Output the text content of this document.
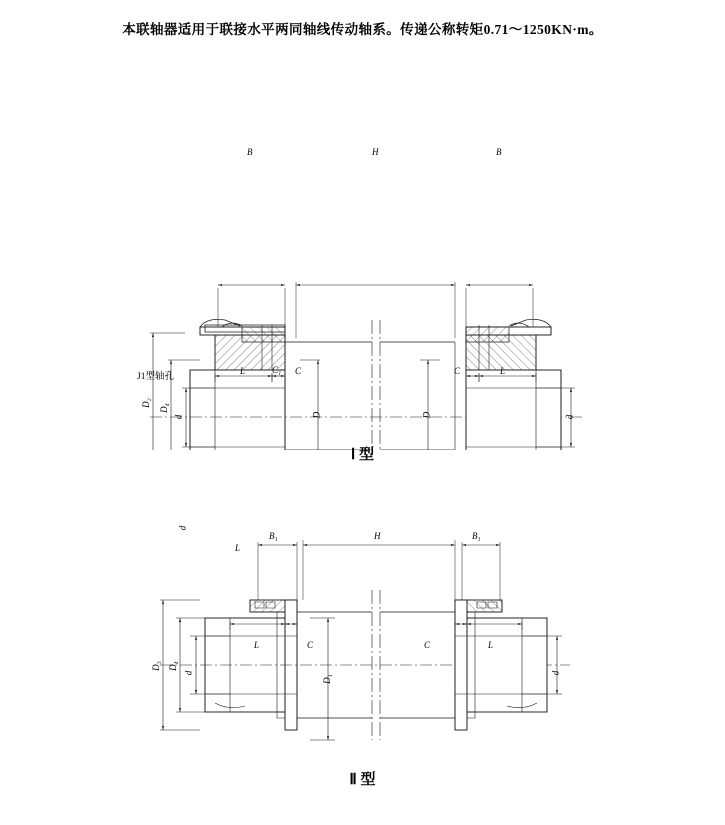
本联轴器适用于联接水平两同轴线传动轴系。传递公称转矩0.71～1250KN·m。
B	H	B
D₂
D₄
d
L	C
D	D
C	L
d
J1型轴孔
C₁
d
L
Ⅰ 型
B₁	H	B₁
D₃ D₄
d
L	C
D₁
C	L
d
Ⅱ 型
